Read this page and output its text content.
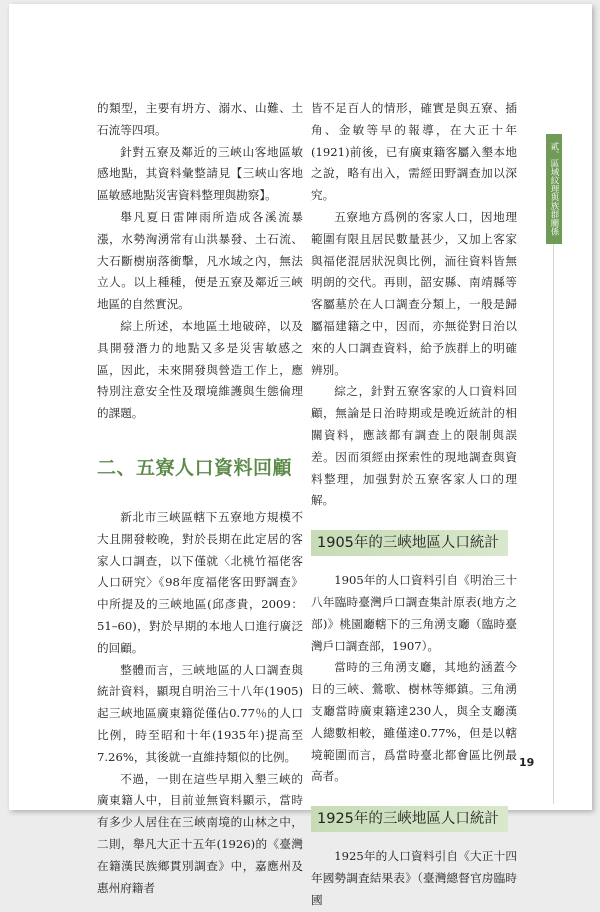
貳、區域紋理與族群關係

的類型，主要有坍方、溺水、山難、土石流等四項。

針對五寮及鄰近的三峽山客地區敏感地點，其資料彙整請見【三峽山客地區敏感地點災害資料整理與勘察】。

舉凡夏日雷陣雨所造成各溪流暴漲，水勢洶湧常有山洪暴發、土石流、大石斷樹崩落衝擊，凡水域之內，無法立人。以上種種，便是五寮及鄰近三峽地區的自然實況。

綜上所述，本地區土地破碎，以及具開發潛力的地點又多是災害敏感之區，因此，未來開發與營造工作上，應特別注意安全性及環境維護與生態倫理的課題。

二、五寮人口資料回顧

新北市三峽區轄下五寮地方規模不大且開發較晚，對於長期在此定居的客家人口調查，以下僅就〈北桃竹福佬客人口研究〉《98年度福佬客田野調查》中所提及的三峽地區(邱彥貴，2009：51–60)，對於早期的本地人口進行廣泛的回顧。

整體而言，三峽地區的人口調查與統計資料，顯現自明治三十八年(1905)起三峽地區廣東籍從僅佔0.77％的人口比例，時至昭和十年(1935年)提高至7.26%，其後就一直維持類似的比例。

不過，一則在這些早期入墾三峽的廣東籍人中，目前並無資料顯示，當時有多少人居住在三峽南境的山林之中，二則，舉凡大正十五年(1926)的《臺灣在籍漢民族鄉貫別調查》中，嘉應州及惠州府籍者

皆不足百人的情形，確實是與五寮、插角、金敏等早的報導，在大正十年(1921)前後，已有廣東籍客屬入墾本地之說，略有出入，需經田野調查加以深究。

五寮地方爲例的客家人口，因地理範圍有限且居民數量甚少，又加上客家與福佬混居狀況與比例，洏往資料皆無明朗的交代。再則，韶安縣、南靖縣等客屬墓於在人口調查分類上，一般是歸屬福建籍之中，因而，亦無從對日治以來的人口調查資料，給予族群上的明確辨別。

綜之，針對五寮客家的人口資料回顧，無論是日治時期或是晚近統計的相關資料，應該都有調查上的限制與誤差。因而須經由探索性的現地調查與資料整理，加强對於五寮客家人口的理解。

1905年的三峽地區人口統計

1905年的人口資料引自《明治三十八年臨時臺灣戶口調查集計原表(地方之部)》桃園廳轄下的三角湧支廳（臨時臺灣戶口調查部，1907）。

當時的三角湧支廳，其地約涵蓋今日的三峽、鶯歌、樹林等鄉鎮。三角湧支廳當時廣東籍達230人，與全支廳漢人總數相較，雖僅達0.77%，但是以轄境範圍而言，爲當時臺北都會區比例最高者。

1925年的三峽地區人口統計

1925年的人口資料引自《大正十四年國勢調査結果表》（臺灣總督官房臨時國

19
